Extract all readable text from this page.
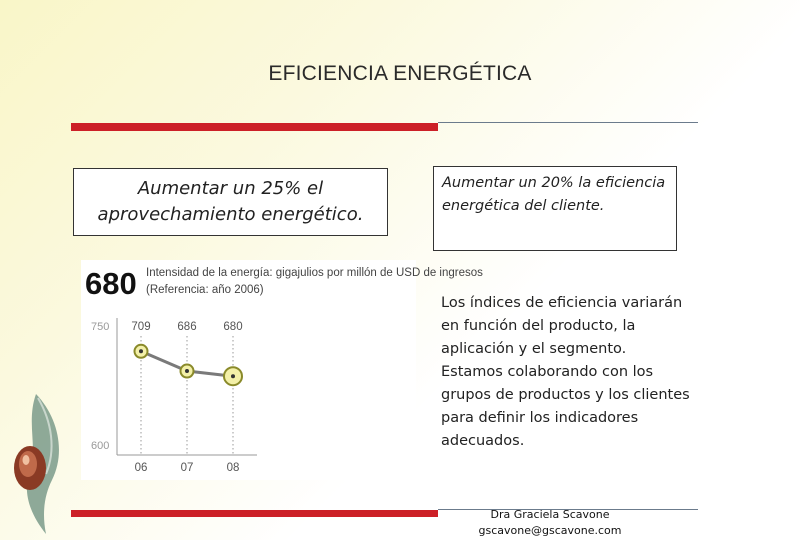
EFICIENCIA ENERGÉTICA
Aumentar un 25% el aprovechamiento energético.
Aumentar un 20% la eficiencia energética del cliente.
680 Intensidad de la energía: gigajulios por millón de USD de ingresos
(Referencia: año 2006)
750
600
709
06
686
07
680
08
Los índices de eficiencia variarán en función del producto, la aplicación y el segmento. Estamos colaborando con los grupos de productos y los clientes para definir los indicadores adecuados.
Dra Graciela Scavone
gscavone@gscavone.com
